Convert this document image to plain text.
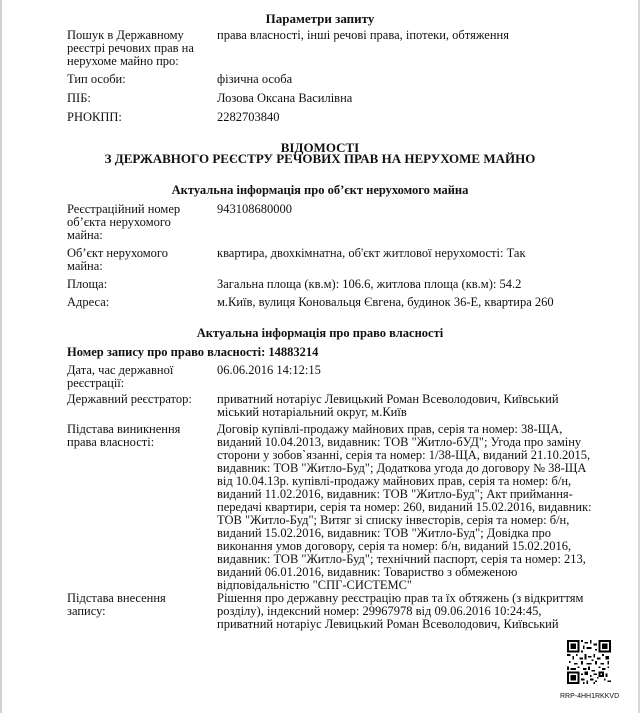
Параметри запиту
Пошук в Державному реєстрі речових прав на нерухоме майно про:
права власності, інші речові права, іпотеки, обтяження
Тип особи:	фізична особа
ПІБ:	Лозова Оксана Василівна
РНОКПП:	2282703840
ВІДОМОСТІ
З ДЕРЖАВНОГО РЕЄСТРУ РЕЧОВИХ ПРАВ НА НЕРУХОМЕ МАЙНО
Актуальна інформація про об’єкт нерухомого майна
Реєстраційний номер об’єкта нерухомого майна:
943108680000
Об’єкт нерухомого майна:
квартира, двохкімнатна, об'єкт житлової нерухомості: Так
Площа:	Загальна площа (кв.м): 106.6, житлова площа (кв.м): 54.2
Адреса:	м.Київ, вулиця Коновальця Євгена, будинок 36-Е, квартира 260
Актуальна інформація про право власності
Номер запису про право власності: 14883214
Дата, час державної реєстрації:
06.06.2016 14:12:15
Державний реєстратор:	приватний нотаріус Левицький Роман Всеволодович, Київський міський нотаріальний округ, м.Київ
Підстава виникнення права власності:
Договір купівлі-продажу майнових прав, серія та номер: 38-ЩА, виданий 10.04.2013, видавник: ТОВ "Житло-бУД"; Угода про заміну сторони у зобов`язанні, серія та номер: 1/38-ЩА, виданий 21.10.2015, видавник: ТОВ "Житло-Буд"; Додаткова угода до договору № 38-ЩА від 10.04.13р. купівлі-продажу майнових прав, серія та номер: б/н, виданий 11.02.2016, видавник: ТОВ "Житло-Буд"; Акт приймання-передачі квартири, серія та номер: 260, виданий 15.02.2016, видавник: ТОВ "Житло-Буд"; Витяг зі списку інвесторів, серія та номер: б/н, виданий 15.02.2016, видавник: ТОВ "Житло-Буд"; Довідка про виконання умов договору, серія та номер: б/н, виданий 15.02.2016, видавник: ТОВ "Житло-Буд"; технічний паспорт, серія та номер: 213, виданий 06.01.2016, видавник: Товариство з обмеженою відповідальністю "СПГ-СИСТЕМС"
Підстава внесення запису:
Рішення про державну реєстрацію прав та їх обтяжень (з відкриттям розділу), індексний номер: 29967978 від 09.06.2016 10:24:45, приватний нотаріус Левицький Роман Всеволодович, Київський
RRP-4HH1RKKVD
